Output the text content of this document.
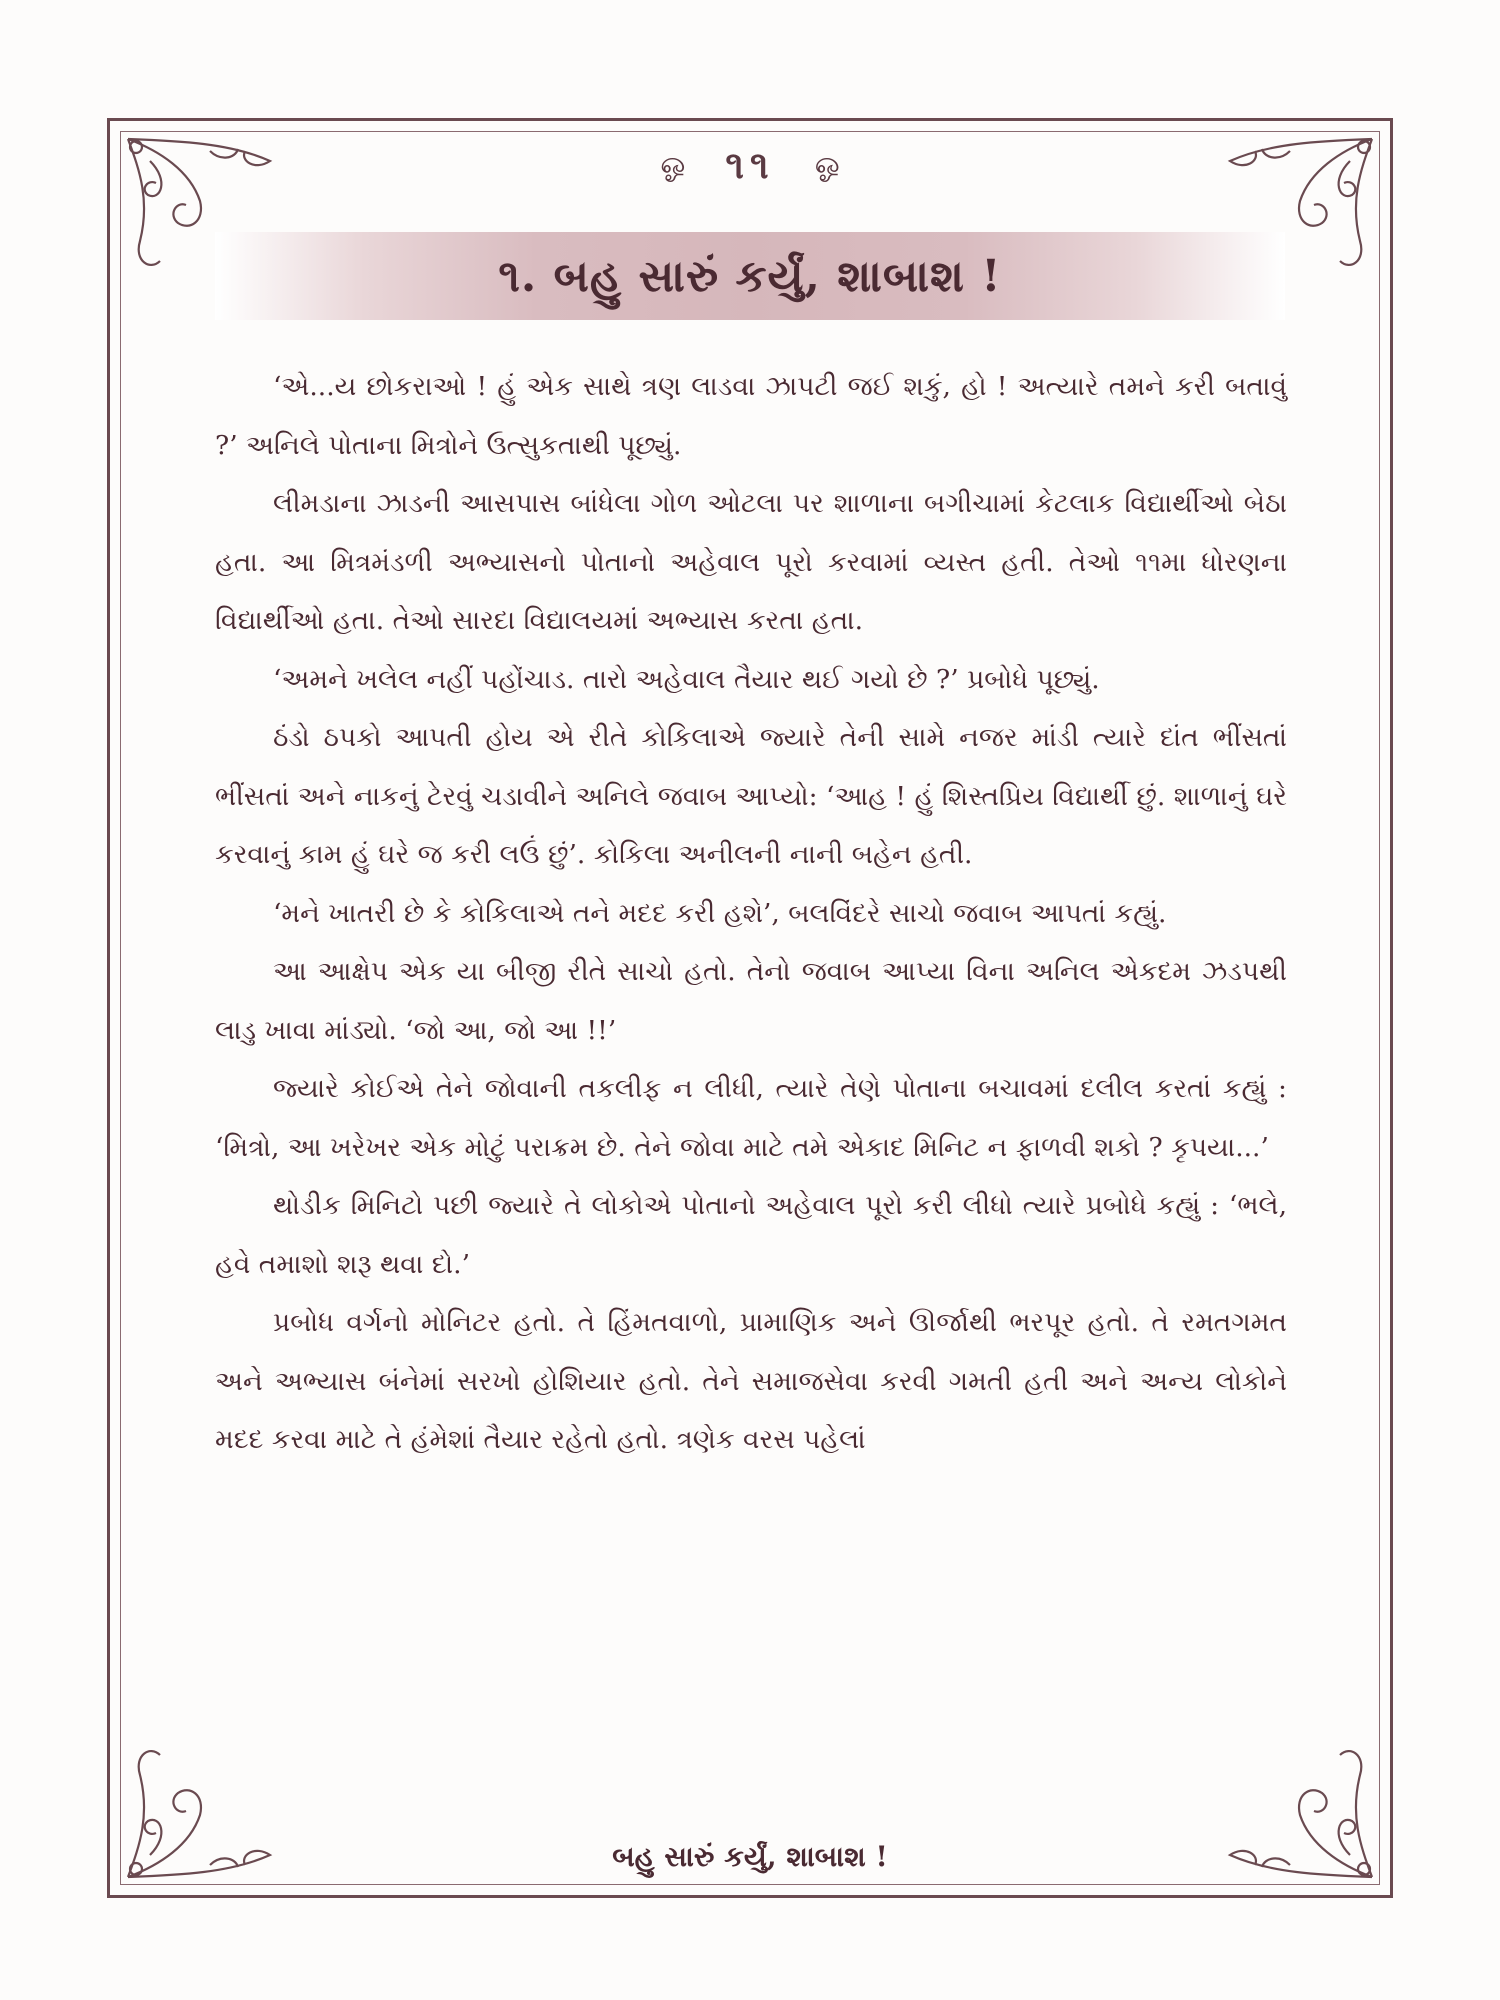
ஓ ૧૧ ஓ
૧. બહુ સારું કર્યું, શાબાશ !

‘એ...ય છોકરાઓ ! હું એક સાથે ત્રણ લાડવા ઝાપટી જઈ શકું, હો ! અત્યારે તમને કરી બતાવું ?’ અનિલે પોતાના મિત્રોને ઉત્સુકતાથી પૂછ્યું.

લીમડાના ઝાડની આસપાસ બાંધેલા ગોળ ઓટલા પર શાળાના બગીચામાં કેટલાક વિદ્યાર્થીઓ બેઠા હતા. આ મિત્રમંડળી અભ્યાસનો પોતાનો અહેવાલ પૂરો કરવામાં વ્યસ્ત હતી. તેઓ ૧૧મા ધોરણના વિદ્યાર્થીઓ હતા. તેઓ સારદા વિદ્યાલયમાં અભ્યાસ કરતા હતા.

‘અમને ખલેલ નહીં પહોંચાડ. તારો અહેવાલ તૈયાર થઈ ગયો છે ?’ પ્રબોધે પૂછ્યું.

ઠંડો ઠપકો આપતી હોય એ રીતે કોકિલાએ જ્યારે તેની સામે નજર માંડી ત્યારે દાંત ભીંસતાં ભીંસતાં અને નાકનું ટેરવું ચડાવીને અનિલે જવાબ આપ્યો: ‘આહ ! હું શિસ્તપ્રિય વિદ્યાર્થી છું. શાળાનું ઘરે કરવાનું કામ હું ઘરે જ કરી લઉં છું’. કોકિલા અનીલની નાની બહેન હતી.

‘મને ખાતરી છે કે કોકિલાએ તને મદદ કરી હશે’, બલવિંદરે સાચો જવાબ આપતાં કહ્યું.

આ આક્ષેપ એક યા બીજી રીતે સાચો હતો. તેનો જવાબ આપ્યા વિના અનિલ એકદમ ઝડપથી લાડુ ખાવા માંડ્યો. ‘જો આ, જો આ !!’

જ્યારે કોઈએ તેને જોવાની તકલીફ ન લીધી, ત્યારે તેણે પોતાના બચાવમાં દલીલ કરતાં કહ્યું : ‘મિત્રો, આ ખરેખર એક મોટું પરાક્રમ છે. તેને જોવા માટે તમે એકાદ મિનિટ ન ફાળવી શકો ? કૃપયા...’

થોડીક મિનિટો પછી જ્યારે તે લોકોએ પોતાનો અહેવાલ પૂરો કરી લીધો ત્યારે પ્રબોધે કહ્યું : ‘ભલે, હવે તમાશો શરૂ થવા દો.’

પ્રબોધ વર્ગનો મોનિટર હતો. તે હિંમતવાળો, પ્રામાણિક અને ઊર્જાથી ભરપૂર હતો. તે રમતગમત અને અભ્યાસ બંનેમાં સરખો હોશિયાર હતો. તેને સમાજસેવા કરવી ગમતી હતી અને અન્ય લોકોને મદદ કરવા માટે તે હંમેશાં તૈયાર રહેતો હતો. ત્રણેક વરસ પહેલાં

બહુ સારું કર્યું, શાબાશ !
